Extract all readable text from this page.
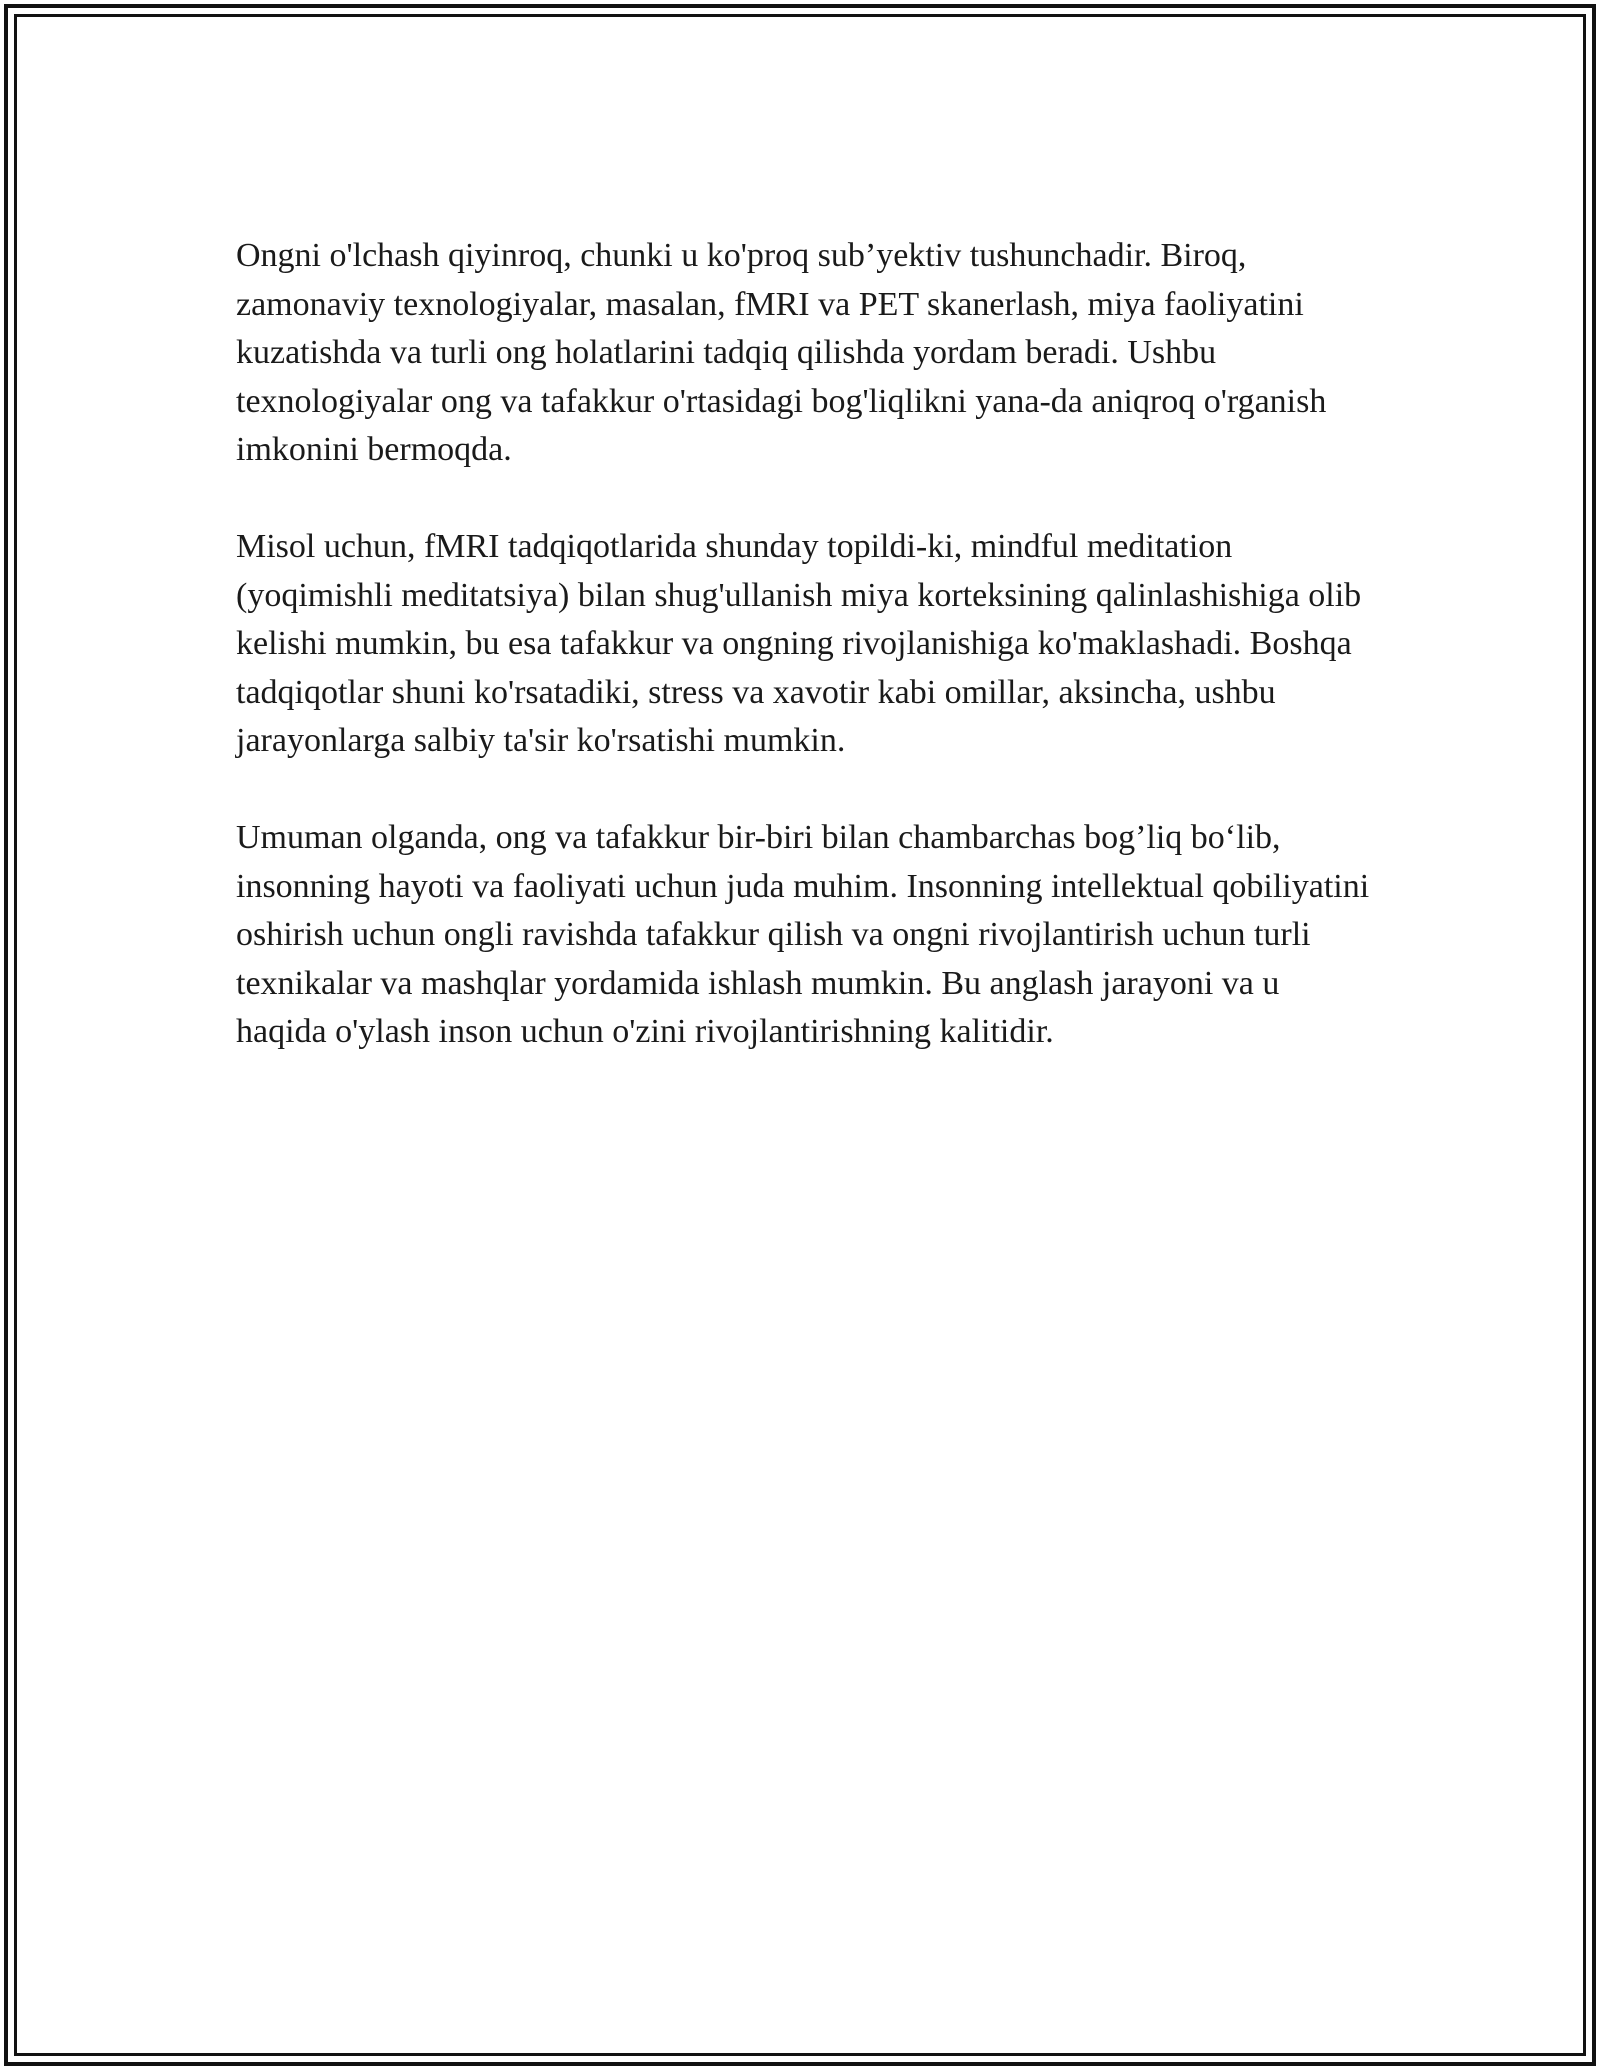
Ongni o'lchash qiyinroq, chunki u ko'proq sub’yektiv tushunchadir. Biroq, zamonaviy texnologiyalar, masalan, fMRI va PET skanerlash, miya faoliyatini kuzatishda va turli ong holatlarini tadqiq qilishda yordam beradi. Ushbu texnologiyalar ong va tafakkur o'rtasidagi bog'liqlikni yana-da aniqroq o'rganish imkonini bermoqda.

Misol uchun, fMRI tadqiqotlarida shunday topildi-ki, mindful meditation (yoqimishli meditatsiya) bilan shug'ullanish miya korteksining qalinlashishiga olib kelishi mumkin, bu esa tafakkur va ongning rivojlanishiga ko'maklashadi. Boshqa tadqiqotlar shuni ko'rsatadiki, stress va xavotir kabi omillar, aksincha, ushbu jarayonlarga salbiy ta'sir ko'rsatishi mumkin.

Umuman olganda, ong va tafakkur bir-biri bilan chambarchas bog’liq bo‘lib, insonning hayoti va faoliyati uchun juda muhim. Insonning intellektual qobiliyatini oshirish uchun ongli ravishda tafakkur qilish va ongni rivojlantirish uchun turli texnikalar va mashqlar yordamida ishlash mumkin. Bu anglash jarayoni va u haqida o'ylash inson uchun o'zini rivojlantirishning kalitidir.
